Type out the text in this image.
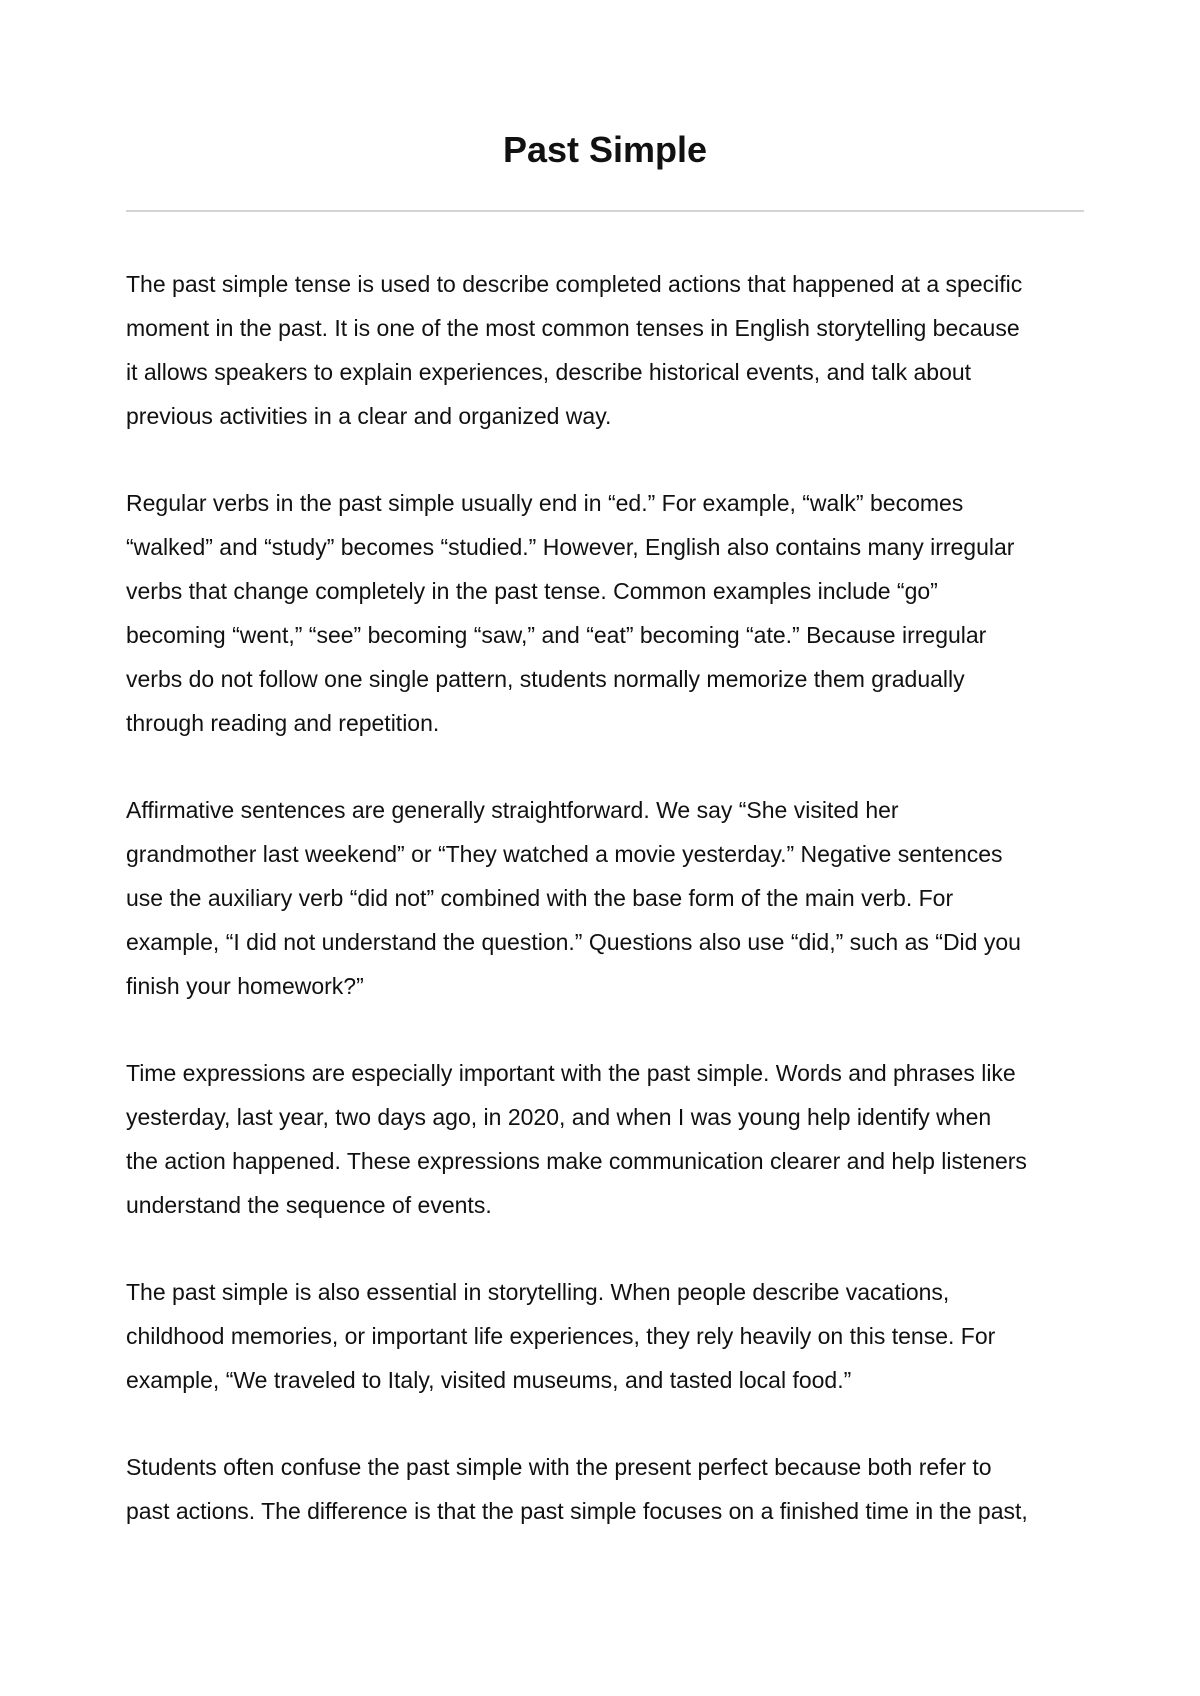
Past Simple

The past simple tense is used to describe completed actions that happened at a specific
moment in the past. It is one of the most common tenses in English storytelling because
it allows speakers to explain experiences, describe historical events, and talk about
previous activities in a clear and organized way.

Regular verbs in the past simple usually end in “ed.” For example, “walk” becomes
“walked” and “study” becomes “studied.” However, English also contains many irregular
verbs that change completely in the past tense. Common examples include “go”
becoming “went,” “see” becoming “saw,” and “eat” becoming “ate.” Because irregular
verbs do not follow one single pattern, students normally memorize them gradually
through reading and repetition.

Affirmative sentences are generally straightforward. We say “She visited her
grandmother last weekend” or “They watched a movie yesterday.” Negative sentences
use the auxiliary verb “did not” combined with the base form of the main verb. For
example, “I did not understand the question.” Questions also use “did,” such as “Did you
finish your homework?”

Time expressions are especially important with the past simple. Words and phrases like
yesterday, last year, two days ago, in 2020, and when I was young help identify when
the action happened. These expressions make communication clearer and help listeners
understand the sequence of events.

The past simple is also essential in storytelling. When people describe vacations,
childhood memories, or important life experiences, they rely heavily on this tense. For
example, “We traveled to Italy, visited museums, and tasted local food.”

Students often confuse the past simple with the present perfect because both refer to
past actions. The difference is that the past simple focuses on a finished time in the past,
